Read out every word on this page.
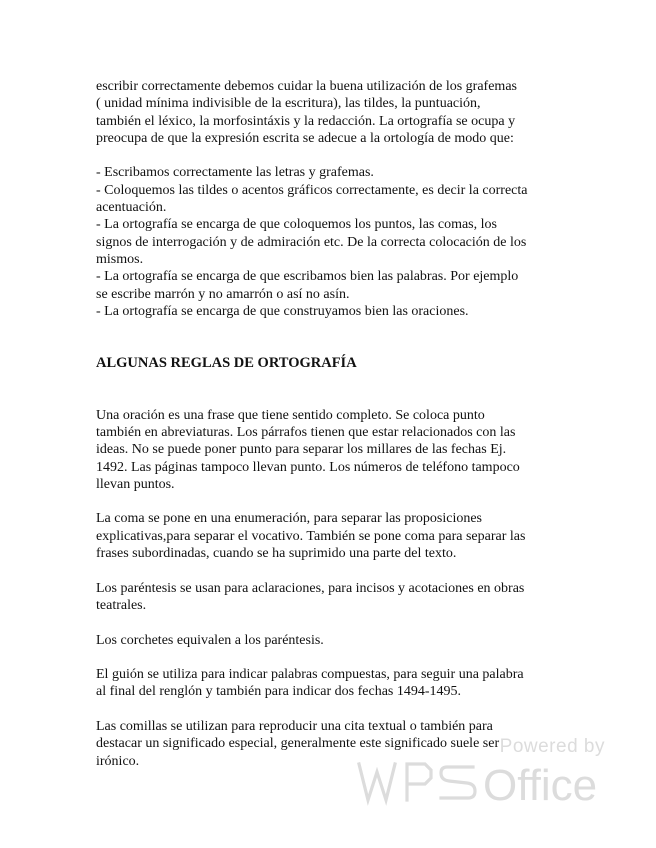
escribir correctamente debemos cuidar la buena utilización de los grafemas

( unidad mínima indivisible de la escritura), las tildes, la puntuación,

también el léxico, la morfosintáxis y la redacción. La ortografía se ocupa y

preocupa de que la expresión escrita se adecue a la ortología de modo que:

- Escribamos correctamente las letras y grafemas.

- Coloquemos las tildes o acentos gráficos correctamente, es decir la correcta

acentuación.

- La ortografía se encarga de que coloquemos los puntos, las comas, los

signos de interrogación y de admiración etc. De la correcta colocación de los

mismos.

- La ortografía se encarga de que escribamos bien las palabras. Por ejemplo

se escribe marrón y no amarrón o así no asín.

- La ortografía se encarga de que construyamos bien las oraciones.

ALGUNAS REGLAS DE ORTOGRAFÍA

Una oración es una frase que tiene sentido completo. Se coloca punto

también en abreviaturas. Los párrafos tienen que estar relacionados con las

ideas. No se puede poner punto para separar los millares de las fechas Ej.

1492. Las páginas tampoco llevan punto. Los números de teléfono tampoco

llevan puntos.

La coma se pone en una enumeración, para separar las proposiciones

explicativas,para separar el vocativo. También se pone coma para separar las

frases subordinadas, cuando se ha suprimido una parte del texto.

Los paréntesis se usan para aclaraciones, para incisos y acotaciones en obras

teatrales.

Los corchetes equivalen a los paréntesis.

El guión se utiliza para indicar palabras compuestas, para seguir una palabra

al final del renglón y también para indicar dos fechas 1494-1495.

Las comillas se utilizan para reproducir una cita textual o también para

destacar un significado especial, generalmente este significado suele ser

irónico.

Powered by
Office
